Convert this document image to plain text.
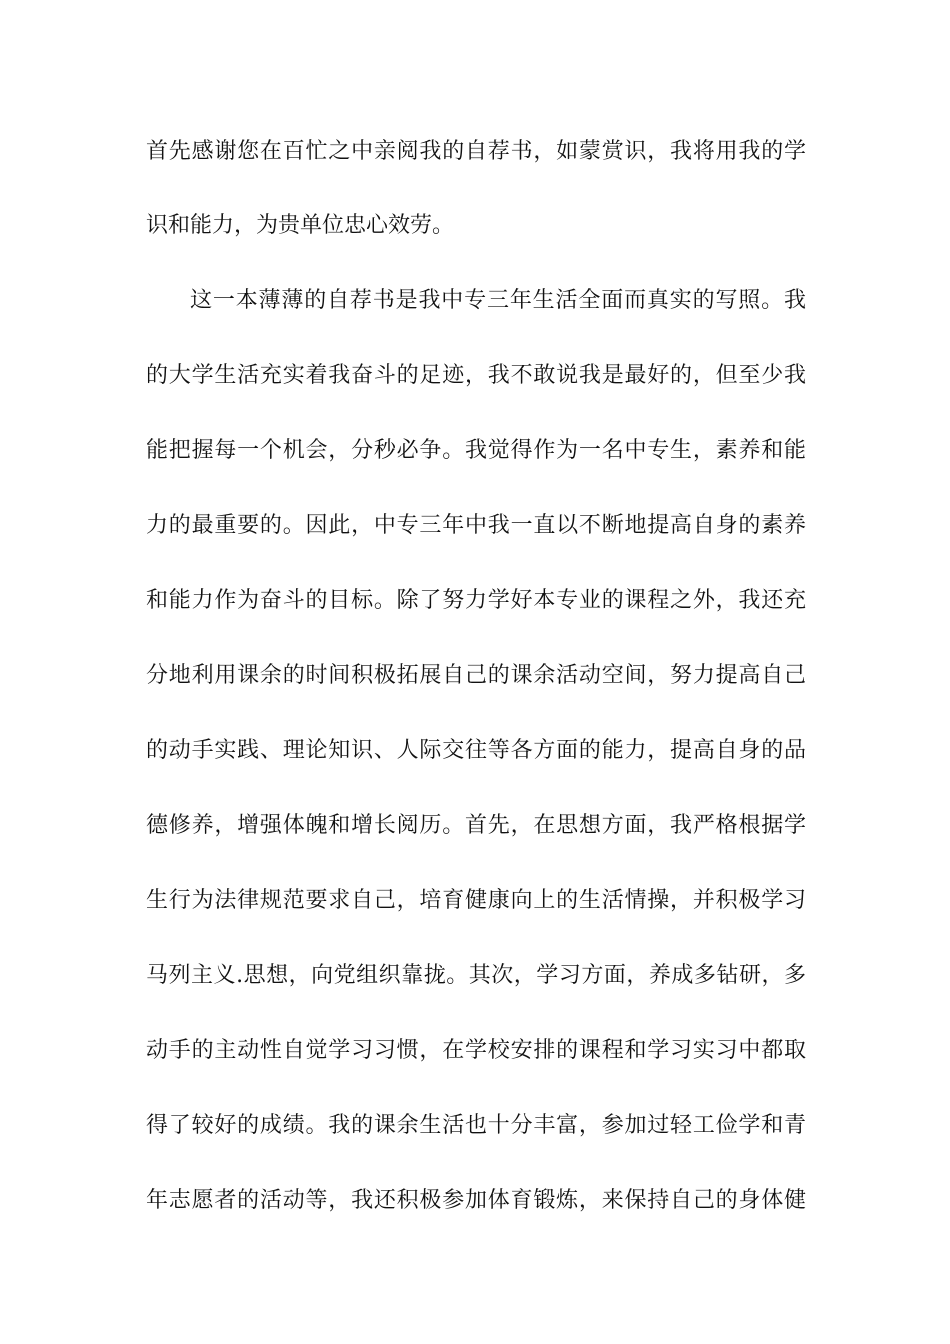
首先感谢您在百忙之中亲阅我的自荐书，如蒙赏识，我将用我的学
识和能力，为贵单位忠心效劳。
这一本薄薄的自荐书是我中专三年生活全面而真实的写照。我
的大学生活充实着我奋斗的足迹，我不敢说我是最好的，但至少我
能把握每一个机会，分秒必争。我觉得作为一名中专生，素养和能
力的最重要的。因此，中专三年中我一直以不断地提高自身的素养
和能力作为奋斗的目标。除了努力学好本专业的课程之外，我还充
分地利用课余的时间积极拓展自己的课余活动空间，努力提高自己
的动手实践、理论知识、人际交往等各方面的能力，提高自身的品
德修养，增强体魄和增长阅历。首先，在思想方面，我严格根据学
生行为法律规范要求自己，培育健康向上的生活情操，并积极学习
马列主义.思想，向党组织靠拢。其次，学习方面，养成多钻研，多
动手的主动性自觉学习习惯，在学校安排的课程和学习实习中都取
得了较好的成绩。我的课余生活也十分丰富，参加过轻工俭学和青
年志愿者的活动等，我还积极参加体育锻炼，来保持自己的身体健
